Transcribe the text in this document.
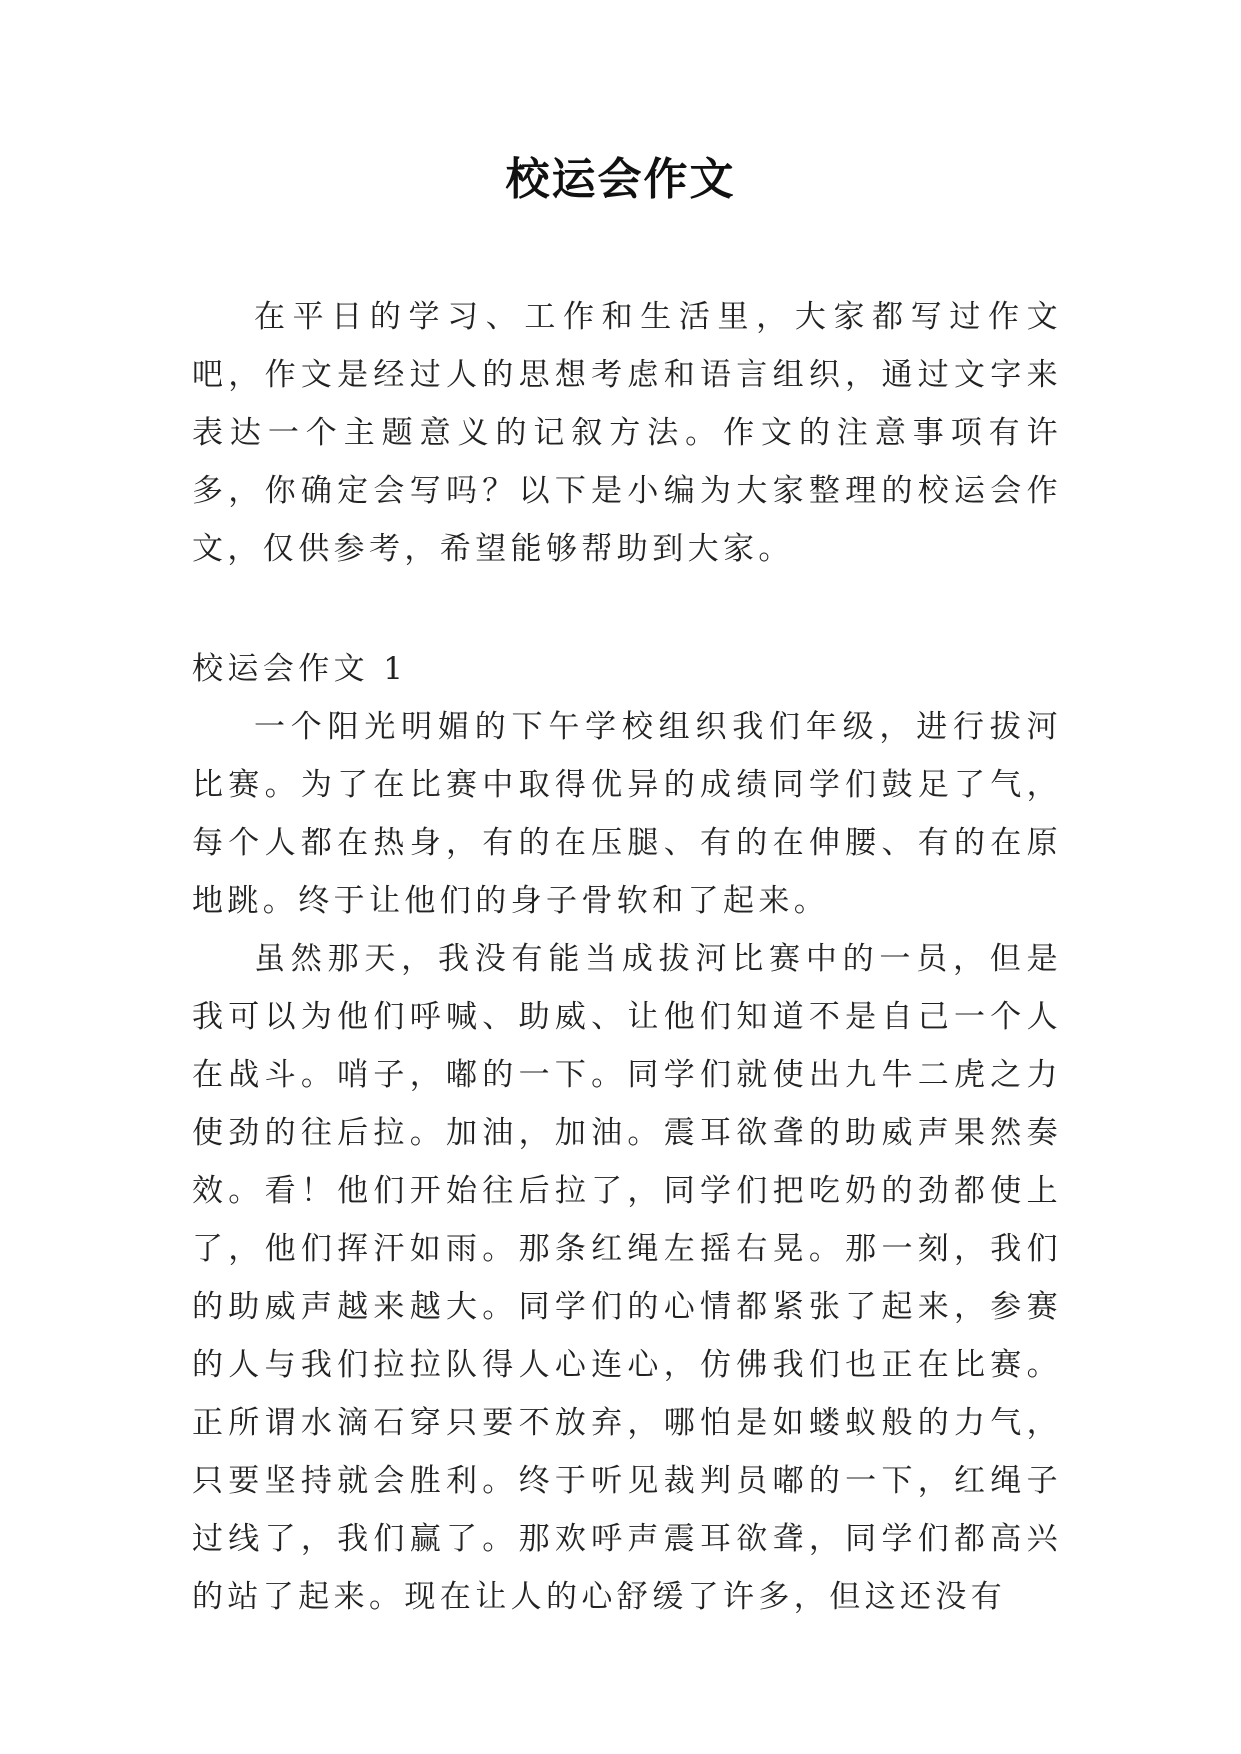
校运会作文

在平日的学习、工作和生活里，大家都写过作文吧，作文是经过人的思想考虑和语言组织，通过文字来表达一个主题意义的记叙方法。作文的注意事项有许多，你确定会写吗？以下是小编为大家整理的校运会作文，仅供参考，希望能够帮助到大家。

校运会作文 1

一个阳光明媚的下午学校组织我们年级，进行拔河比赛。为了在比赛中取得优异的成绩同学们鼓足了气，每个人都在热身，有的在压腿、有的在伸腰、有的在原地跳。终于让他们的身子骨软和了起来。

虽然那天，我没有能当成拔河比赛中的一员，但是我可以为他们呼喊、助威、让他们知道不是自己一个人在战斗。哨子，嘟的一下。同学们就使出九牛二虎之力使劲的往后拉。加油，加油。震耳欲聋的助威声果然奏效。看！他们开始往后拉了，同学们把吃奶的劲都使上了，他们挥汗如雨。那条红绳左摇右晃。那一刻，我们的助威声越来越大。同学们的心情都紧张了起来，参赛的人与我们拉拉队得人心连心，仿佛我们也正在比赛。正所谓水滴石穿只要不放弃，哪怕是如蝼蚁般的力气，只要坚持就会胜利。终于听见裁判员嘟的一下，红绳子过线了，我们赢了。那欢呼声震耳欲聋，同学们都高兴的站了起来。现在让人的心舒缓了许多，但这还没有
